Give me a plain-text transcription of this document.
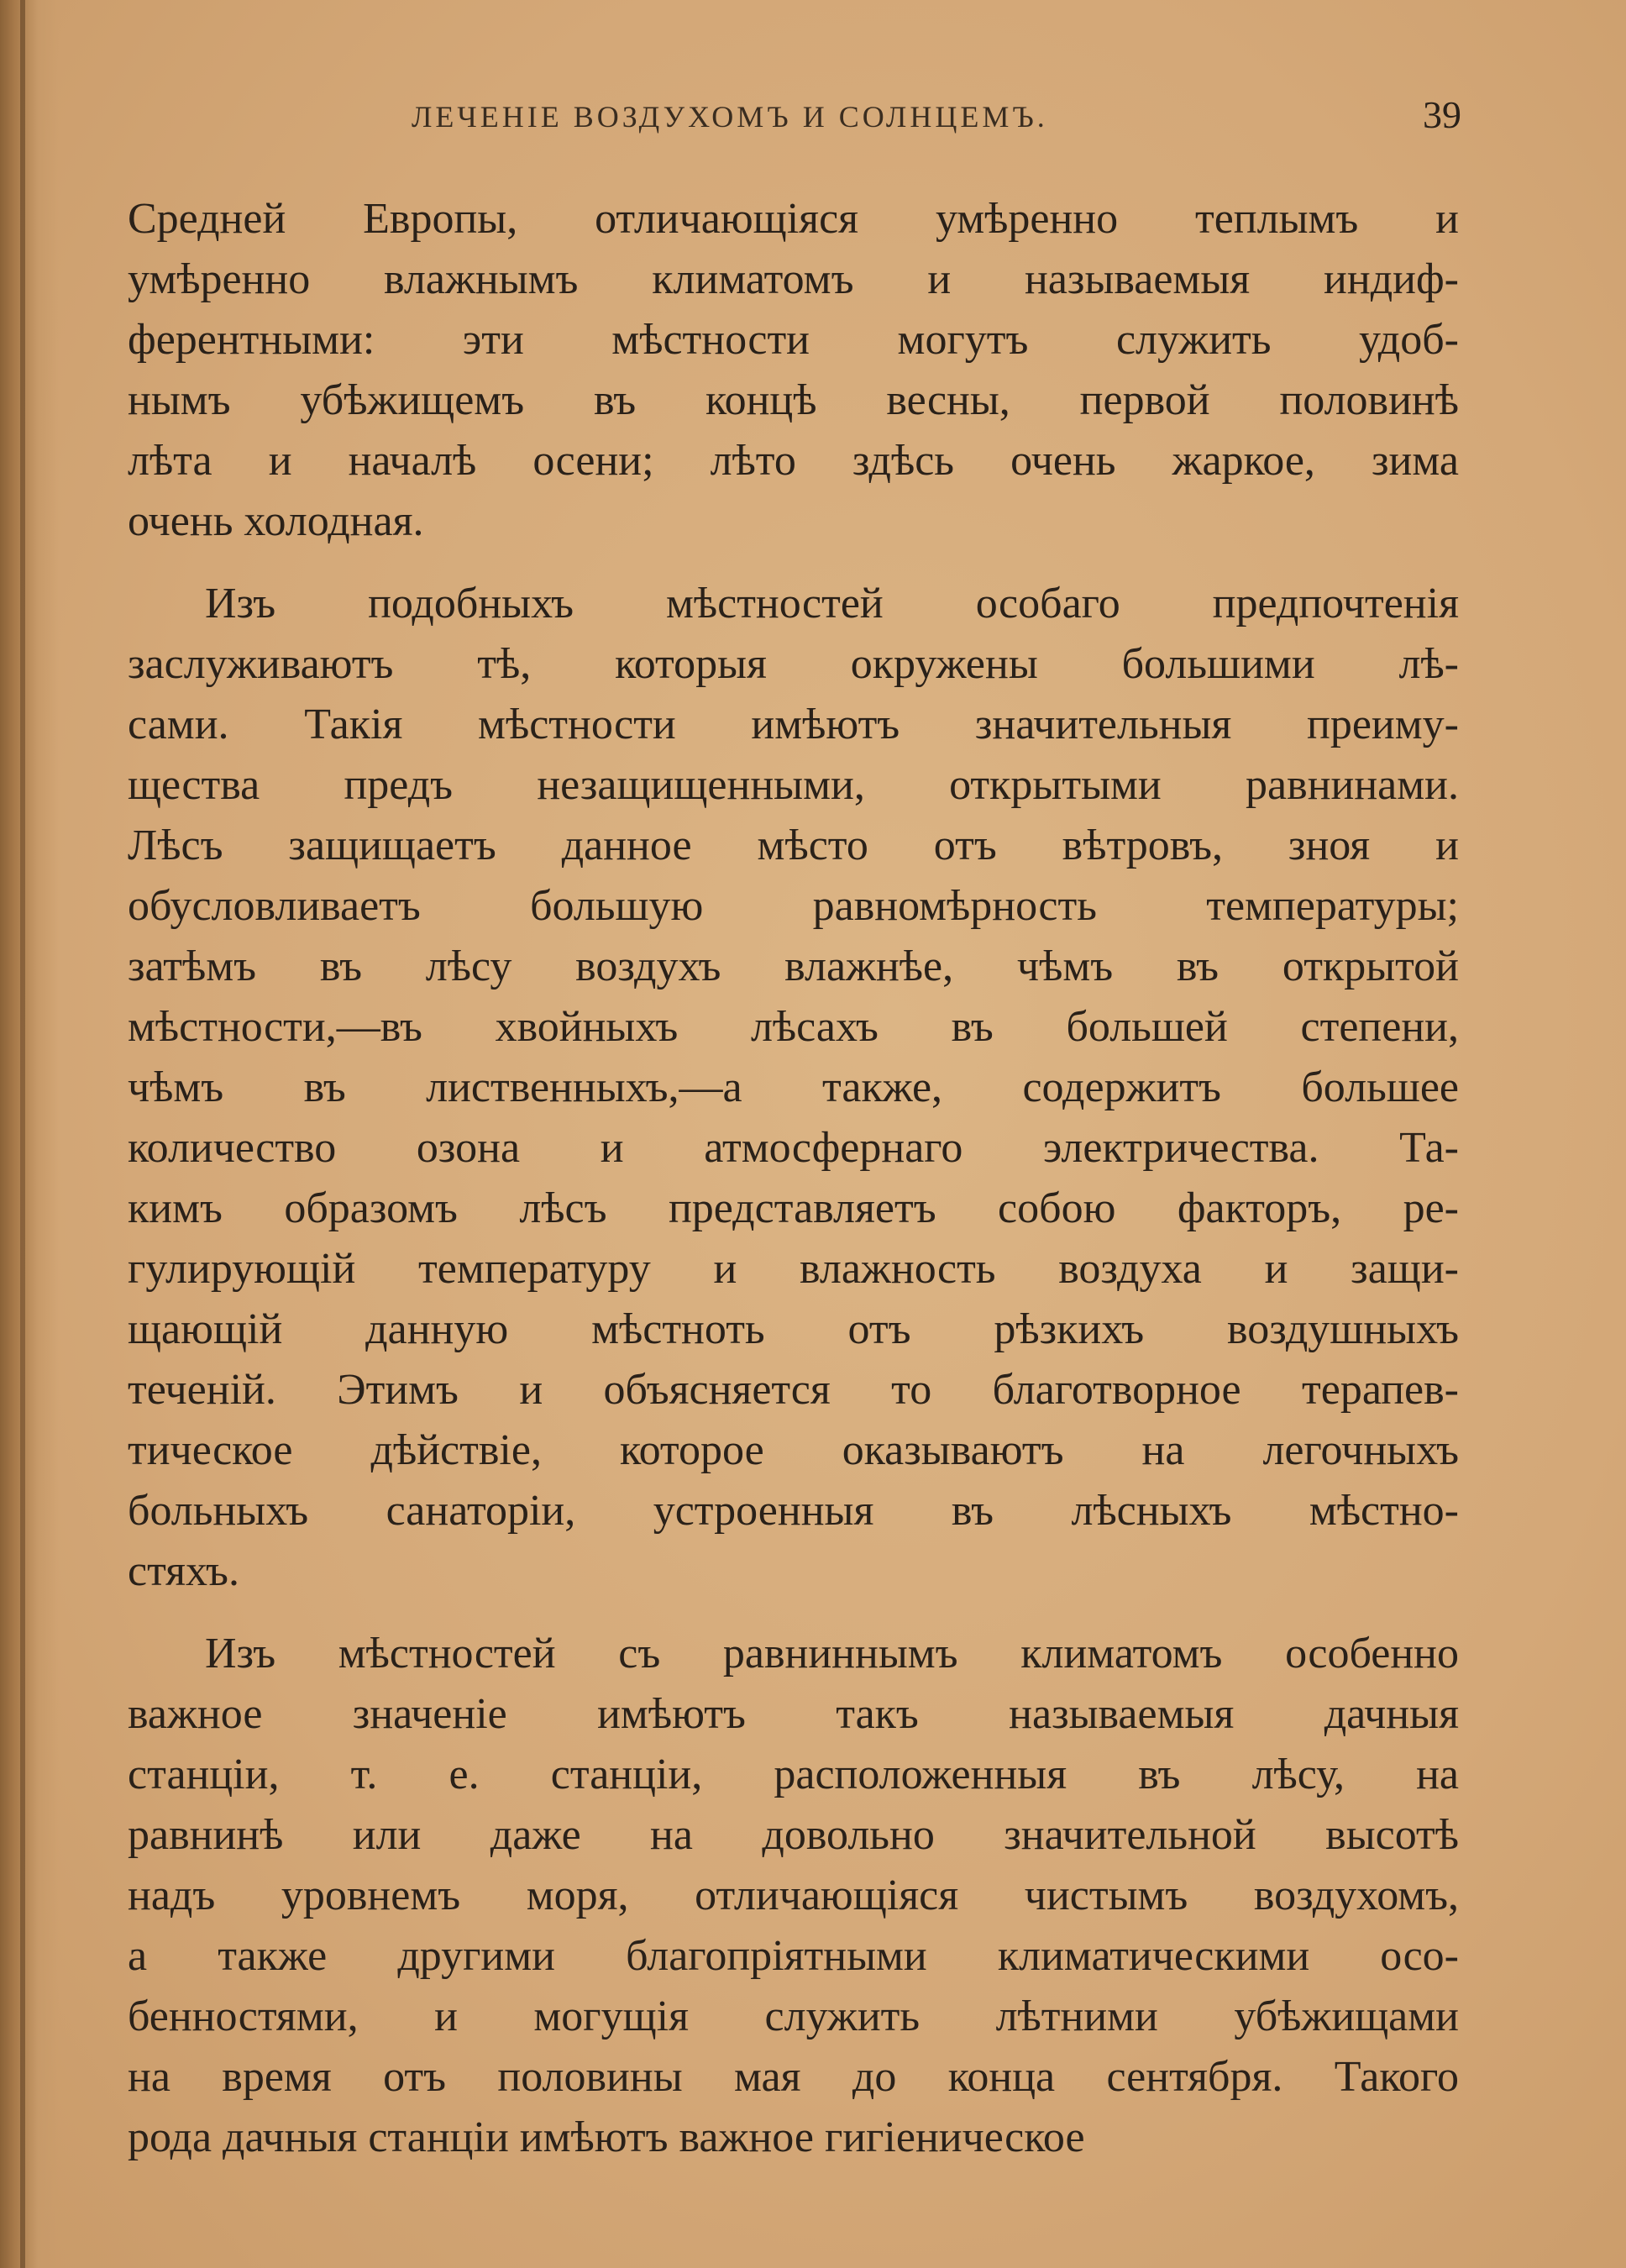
ЛЕЧЕНIЕ ВОЗДУХОМЪ И СОЛНЦЕМЪ.	39
Средней Европы, отличающіяся умѣренно теплымъ и
умѣренно влажнымъ климатомъ и называемыя индиф-
ферентными: эти мѣстности могутъ служить удоб-
нымъ убѣжищемъ въ концѣ весны, первой половинѣ
лѣта и началѣ осени; лѣто здѣсь очень жаркое, зима
очень холодная.
Изъ подобныхъ мѣстностей особаго предпочтенія
заслуживаютъ тѣ, которыя окружены большими лѣ-
сами. Такія мѣстности имѣютъ значительныя преиму-
щества предъ незащищенными, открытыми равнинами.
Лѣсъ защищаетъ данное мѣсто отъ вѣтровъ, зноя и
обусловливаетъ большую равномѣрность температуры;
затѣмъ въ лѣсу воздухъ влажнѣе, чѣмъ въ открытой
мѣстности,—въ хвойныхъ лѣсахъ въ большей степени,
чѣмъ въ лиственныхъ,—а также, содержитъ большее
количество озона и атмосфернаго электричества. Та-
кимъ образомъ лѣсъ представляетъ собою факторъ, ре-
гулирующій температуру и влажность воздуха и защи-
щающій данную мѣстноть отъ рѣзкихъ воздушныхъ
теченій. Этимъ и объясняется то благотворное терапев-
тическое дѣйствіе, которое оказываютъ на легочныхъ
больныхъ санаторіи, устроенныя въ лѣсныхъ мѣстно-
стяхъ.
Изъ мѣстностей съ равниннымъ климатомъ особенно
важное значеніе имѣютъ такъ называемыя дачныя
станціи, т. е. станціи, расположенныя въ лѣсу, на
равнинѣ или даже на довольно значительной высотѣ
надъ уровнемъ моря, отличающіяся чистымъ воздухомъ,
а также другими благопріятными климатическими осо-
бенностями, и могущія служить лѣтними убѣжищами
на время отъ половины мая до конца сентября. Такого
рода дачныя станціи имѣютъ важное гигіеническое
